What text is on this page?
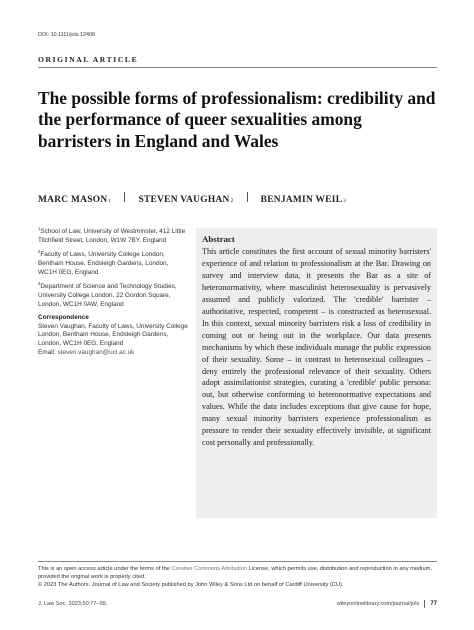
DOI: 10.1111/jols.12408
ORIGINAL ARTICLE
The possible forms of professionalism: credibility and the performance of queer sexualities among barristers in England and Wales
MARC MASON 1	STEVEN VAUGHAN 2	BENJAMIN WEIL 3

$^1$School of Law, University of Westminster, 412 Little Titchfield Street, London, W1W 7BY, England

$^2$Faculty of Laws, University College London, Bentham House, Endsleigh Gardens, London, WC1H 0EG, England

$^3$Department of Science and Technology Studies, University College London, 22 Gordon Square, London, WC1H 0AW, England

Correspondence

Steven Vaughan, Faculty of Laws, University College London, Bentham House, Endsleigh Gardens, London, WC1H 0EG, England

Email: steven.vaughan@ucl.ac.uk

Abstract
This article constitutes the first account of sexual minority barristers' experience of and relation to professionalism at the Bar. Drawing on survey and interview data, it presents the Bar as a site of heteronormativity, where masculinist heterosexuality is pervasively assumed and publicly valorized. The 'credible' barrister – authoritative, respected, competent – is constructed as heterosexual. In this context, sexual minority barristers risk a loss of credibility in coming out or being out in the workplace. Our data presents mechanisms by which these individuals manage the public expression of their sexuality. Some – in contrast to heterosexual colleagues – deny entirely the professional relevance of their sexuality. Others adopt assimilationist strategies, curating a 'credible' public persona: out, but otherwise conforming to heteronormative expectations and values. While the data includes exceptions that give cause for hope, many sexual minority barristers experience professionalism as pressure to render their sexuality effectively invisible, at significant cost personally and professionally.
This is an open access article under the terms of the Creative Commons Attribution License, which permits use, distribution and reproduction in any medium, provided the original work is properly cited.
© 2023 The Authors. Journal of Law and Society published by John Wiley & Sons Ltd on behalf of Cardiff University (CU).
J. Law Soc. 2023;50:77–99.	wileyonlinelibrary.com/journal/jols 77
